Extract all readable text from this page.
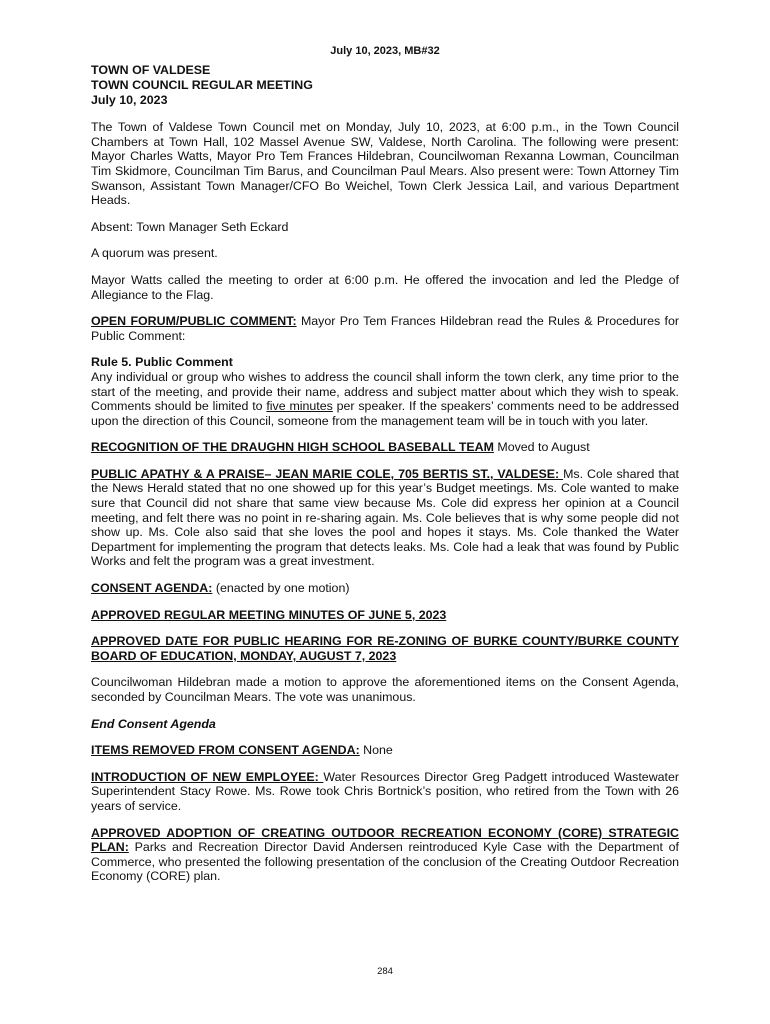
July 10, 2023, MB#32
TOWN OF VALDESE
TOWN COUNCIL REGULAR MEETING
July 10, 2023

The Town of Valdese Town Council met on Monday, July 10, 2023, at 6:00 p.m., in the Town Council Chambers at Town Hall, 102 Massel Avenue SW, Valdese, North Carolina. The following were present: Mayor Charles Watts, Mayor Pro Tem Frances Hildebran, Councilwoman Rexanna Lowman, Councilman Tim Skidmore, Councilman Tim Barus, and Councilman Paul Mears. Also present were: Town Attorney Tim Swanson, Assistant Town Manager/CFO Bo Weichel, Town Clerk Jessica Lail, and various Department Heads.

Absent: Town Manager Seth Eckard

A quorum was present.

Mayor Watts called the meeting to order at 6:00 p.m. He offered the invocation and led the Pledge of Allegiance to the Flag.

OPEN FORUM/PUBLIC COMMENT: Mayor Pro Tem Frances Hildebran read the Rules & Procedures for Public Comment:

Rule 5. Public Comment

Any individual or group who wishes to address the council shall inform the town clerk, any time prior to the start of the meeting, and provide their name, address and subject matter about which they wish to speak. Comments should be limited to five minutes per speaker. If the speakers’ comments need to be addressed upon the direction of this Council, someone from the management team will be in touch with you later.

RECOGNITION OF THE DRAUGHN HIGH SCHOOL BASEBALL TEAM Moved to August

PUBLIC APATHY & A PRAISE– JEAN MARIE COLE, 705 BERTIS ST., VALDESE: Ms. Cole shared that the News Herald stated that no one showed up for this year’s Budget meetings. Ms. Cole wanted to make sure that Council did not share that same view because Ms. Cole did express her opinion at a Council meeting, and felt there was no point in re-sharing again. Ms. Cole believes that is why some people did not show up. Ms. Cole also said that she loves the pool and hopes it stays. Ms. Cole thanked the Water Department for implementing the program that detects leaks. Ms. Cole had a leak that was found by Public Works and felt the program was a great investment.

CONSENT AGENDA: (enacted by one motion)

APPROVED REGULAR MEETING MINUTES OF JUNE 5, 2023

APPROVED DATE FOR PUBLIC HEARING FOR RE-ZONING OF BURKE COUNTY/BURKE COUNTY BOARD OF EDUCATION, MONDAY, AUGUST 7, 2023

Councilwoman Hildebran made a motion to approve the aforementioned items on the Consent Agenda, seconded by Councilman Mears. The vote was unanimous.

End Consent Agenda

ITEMS REMOVED FROM CONSENT AGENDA: None

INTRODUCTION OF NEW EMPLOYEE: Water Resources Director Greg Padgett introduced Wastewater Superintendent Stacy Rowe. Ms. Rowe took Chris Bortnick’s position, who retired from the Town with 26 years of service.

APPROVED ADOPTION OF CREATING OUTDOOR RECREATION ECONOMY (CORE) STRATEGIC PLAN: Parks and Recreation Director David Andersen reintroduced Kyle Case with the Department of Commerce, who presented the following presentation of the conclusion of the Creating Outdoor Recreation Economy (CORE) plan.

284
